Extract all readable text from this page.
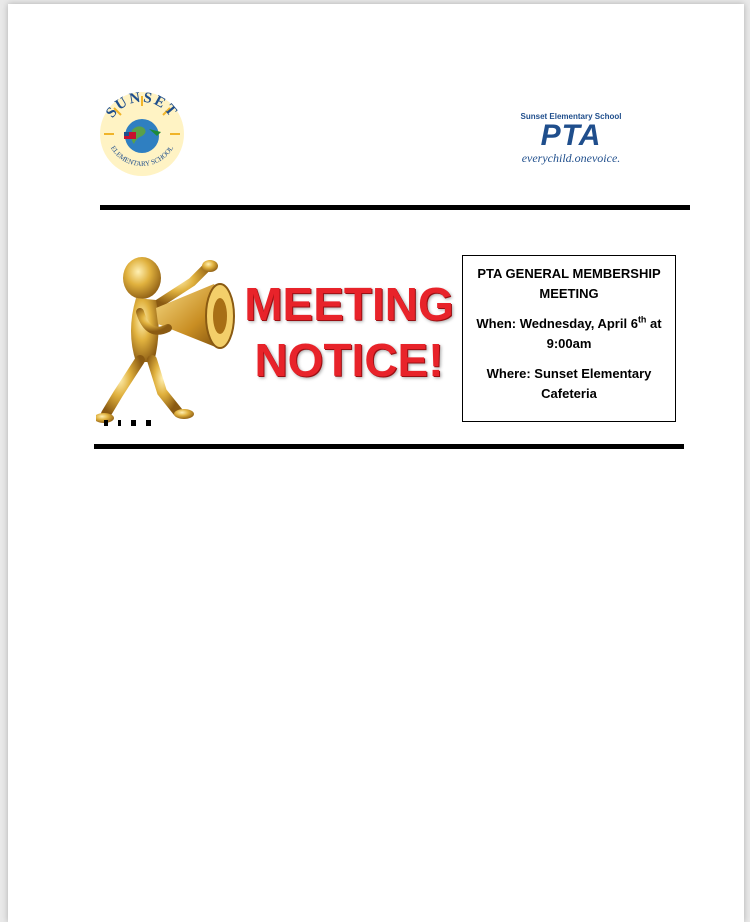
SUNSET
ELEMENTARY SCHOOL
Sunset Elementary School
PTA
everychild.onevoice.
MEETING
NOTICE!

PTA GENERAL MEMBERSHIP MEETING

When: Wednesday, April 6th at 9:00am

Where: Sunset Elementary Cafeteria
